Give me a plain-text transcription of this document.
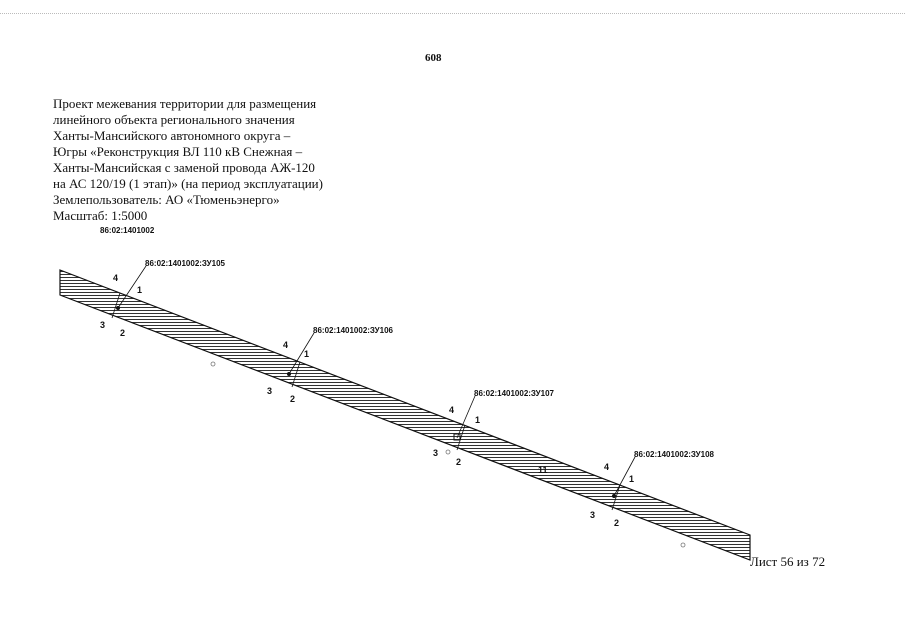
608
Проект межевания территории для размещения
линейного объекта регионального значения
Ханты-Мансийского автономного округа –
Югры «Реконструкция ВЛ 110 кВ Снежная –
Ханты-Мансийская с заменой провода АЖ-120
на АС 120/19 (1 этап)» (на период эксплуатации)
Землепользователь: АО «Тюменьэнерго»
Масштаб: 1:5000
86:02:1401002
86:02:1401002:ЗУ105
86:02:1401002:ЗУ106
86:02:1401002:ЗУ107
86:02:1401002:ЗУ108
4
1
3
2
4
1
3
2
4
1
3
2	4
1
3
2
11
Лист 56 из 72
